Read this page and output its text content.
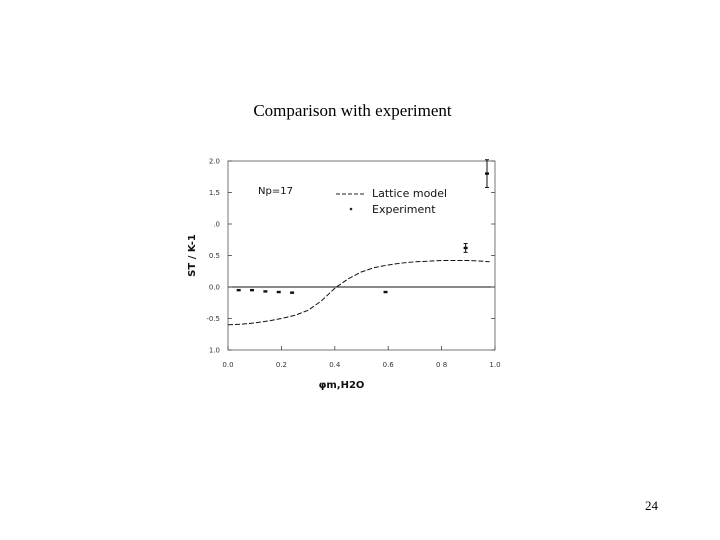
Comparison with experiment
2.0
1.5
.0
0.5
0.0
-0.5
1.0
0.0	0.2	0.4	0.6	0 8	1.0
ST / K-1
φm,H2O
Np=17	Lattice model
Experiment
24
